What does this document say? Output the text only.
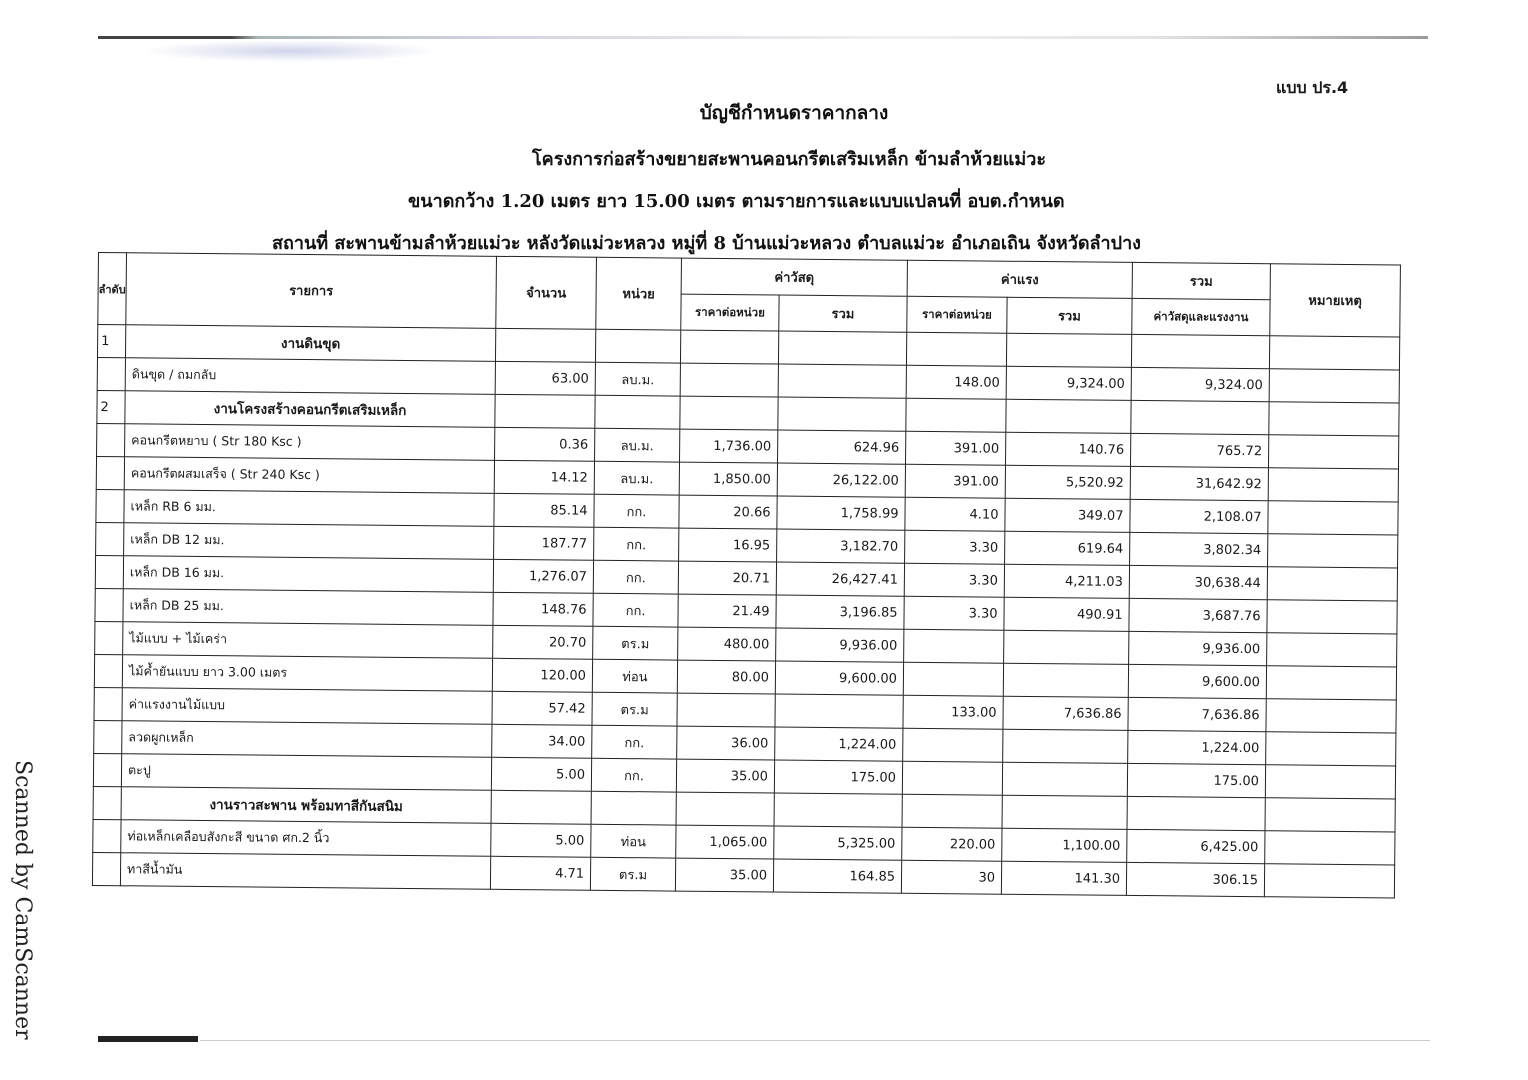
แบบ ปร.4
บัญชีกำหนดราคากลาง
โครงการก่อสร้างขยายสะพานคอนกรีตเสริมเหล็ก ข้ามลำห้วยแม่วะ
ขนาดกว้าง 1.20 เมตร ยาว 15.00 เมตร ตามรายการและแบบแปลนที่ อบต.กำหนด
สถานที่ สะพานข้ามลำห้วยแม่วะ หลังวัดแม่วะหลวง หมู่ที่ 8 บ้านแม่วะหลวง ตำบลแม่วะ อำเภอเถิน จังหวัดลำปาง
Scanned by CamScanner
ลำดับ	รายการ	จำนวน	หน่วย	ค่าวัสดุ		ค่าแรง		รวม	หมายเหตุ
				ราคาต่อหน่วย	รวม	ราคาต่อหน่วย	รวม	ค่าวัสดุและแรงงาน	
1	งานดินขุด								
	ดินขุด / ถมกลับ	63.00	ลบ.ม.			148.00	9,324.00	9,324.00	
2	งานโครงสร้างคอนกรีตเสริมเหล็ก								
	คอนกรีตหยาบ ( Str 180 Ksc )	0.36	ลบ.ม.	1,736.00	624.96	391.00	140.76	765.72	
	คอนกรีตผสมเสร็จ ( Str 240 Ksc )	14.12	ลบ.ม.	1,850.00	26,122.00	391.00	5,520.92	31,642.92	
	เหล็ก RB 6 มม.	85.14	กก.	20.66	1,758.99	4.10	349.07	2,108.07	
	เหล็ก DB 12 มม.	187.77	กก.	16.95	3,182.70	3.30	619.64	3,802.34	
	เหล็ก DB 16 มม.	1,276.07	กก.	20.71	26,427.41	3.30	4,211.03	30,638.44	
	เหล็ก DB 25 มม.	148.76	กก.	21.49	3,196.85	3.30	490.91	3,687.76	
	ไม้แบบ + ไม้เคร่า	20.70	ตร.ม	480.00	9,936.00			9,936.00	
	ไม้ค้ำยันแบบ ยาว 3.00 เมตร	120.00	ท่อน	80.00	9,600.00			9,600.00	
	ค่าแรงงานไม้แบบ	57.42	ตร.ม			133.00	7,636.86	7,636.86	
	ลวดผูกเหล็ก	34.00	กก.	36.00	1,224.00			1,224.00	
	ตะปู	5.00	กก.	35.00	175.00			175.00	
	งานราวสะพาน พร้อมทาสีกันสนิม								
	ท่อเหล็กเคลือบสังกะสี ขนาด ศก.2 นิ้ว	5.00	ท่อน	1,065.00	5,325.00	220.00	1,100.00	6,425.00	
	ทาสีน้ำมัน	4.71	ตร.ม	35.00	164.85	30	141.30	306.15	
